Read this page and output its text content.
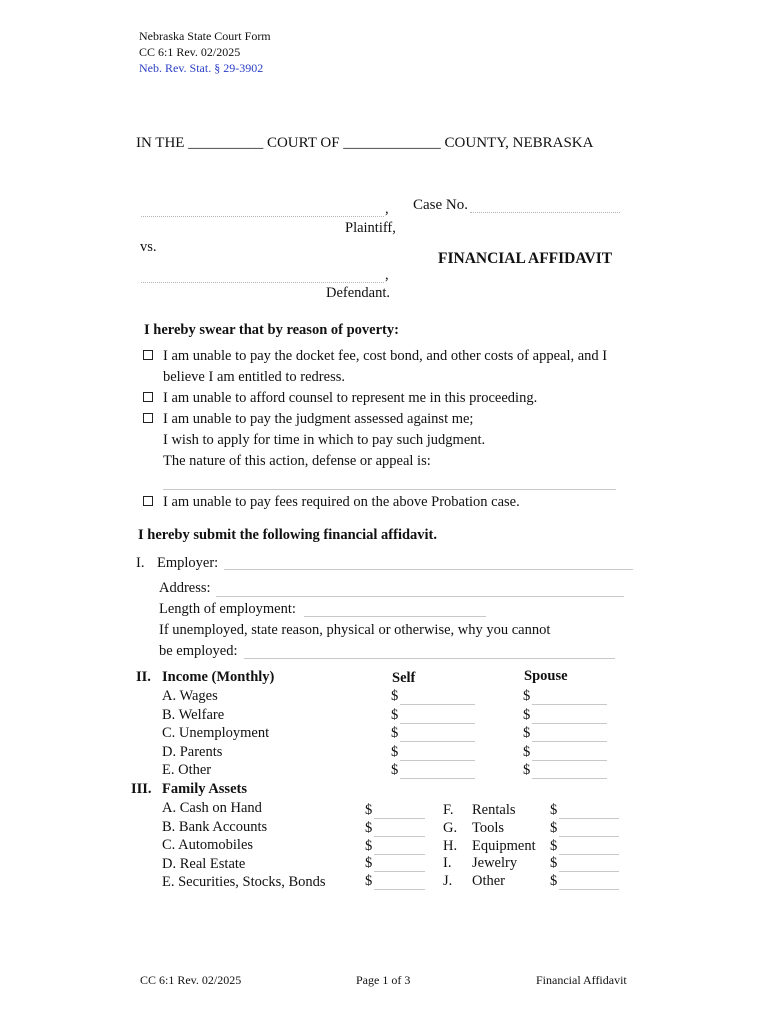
Nebraska State Court Form
CC 6:1 Rev. 02/2025
Neb. Rev. Stat. § 29-3902
IN THE __________ COURT OF _____________ COUNTY, NEBRASKA
, Case No.
Plaintiff,
vs.
FINANCIAL AFFIDAVIT
,
Defendant.
I hereby swear that by reason of poverty:
I am unable to pay the docket fee, cost bond, and other costs of appeal, and I
believe I am entitled to redress.
I am unable to afford counsel to represent me in this proceeding.
I am unable to pay the judgment assessed against me;
I wish to apply for time in which to pay such judgment.
The nature of this action, defense or appeal is:
I am unable to pay fees required on the above Probation case.
I hereby submit the following financial affidavit.
I. Employer:
Address:
Length of employment:
If unemployed, state reason, physical or otherwise, why you cannot
be employed:
II. Income (Monthly)	Self	Spouse
A. Wages	$	$
B. Welfare	$	$
C. Unemployment	$	$
D. Parents	$	$
E. Other	$	$
III. Family Assets
A. Cash on Hand	$	F. Rentals $
B. Bank Accounts	$	G. Tools	$
C. Automobiles	$	H. Equipment $
D. Real Estate	$	I. Jewelry $
E. Securities, Stocks, Bonds	$	J. Other	$
CC 6:1 Rev. 02/2025	Page 1 of 3	Financial Affidavit
